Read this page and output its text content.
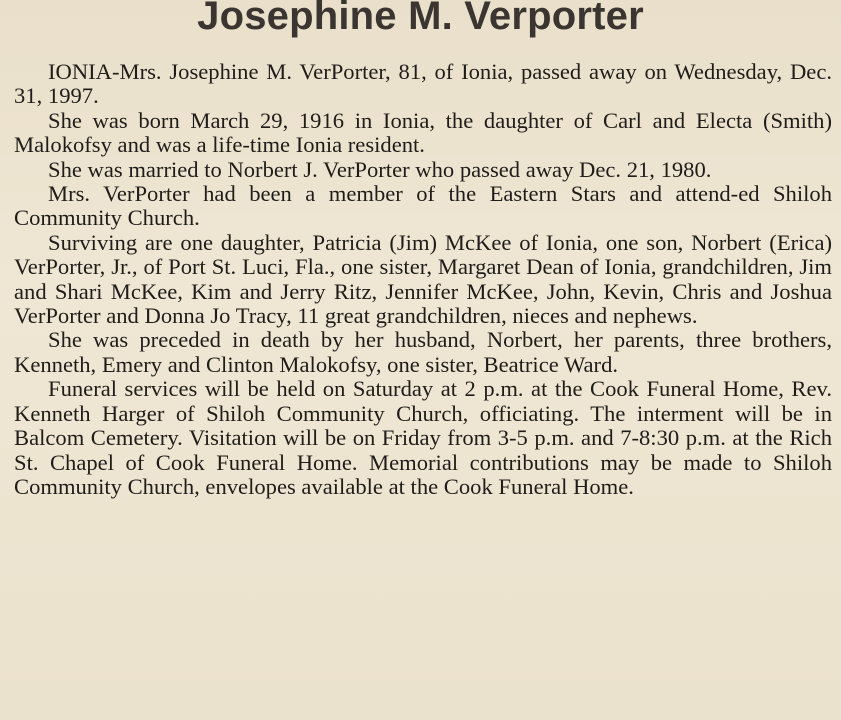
Josephine M. Verporter

IONIA-Mrs. Josephine M. VerPorter, 81, of Ionia, passed away on Wednesday, Dec. 31, 1997.

She was born March 29, 1916 in Ionia, the daughter of Carl and Electa (Smith) Malokofsy and was a life-time Ionia resident.

She was married to Norbert J. VerPorter who passed away Dec. 21, 1980.

Mrs. VerPorter had been a member of the Eastern Stars and attend-ed Shiloh Community Church.

Surviving are one daughter, Patricia (Jim) McKee of Ionia, one son, Norbert (Erica) VerPorter, Jr., of Port St. Luci, Fla., one sister, Margaret Dean of Ionia, grandchildren, Jim and Shari McKee, Kim and Jerry Ritz, Jennifer McKee, John, Kevin, Chris and Joshua VerPorter and Donna Jo Tracy, 11 great grandchildren, nieces and nephews.

She was preceded in death by her husband, Norbert, her parents, three brothers, Kenneth, Emery and Clinton Malokofsy, one sister, Beatrice Ward.

Funeral services will be held on Saturday at 2 p.m. at the Cook Funeral Home, Rev. Kenneth Harger of Shiloh Community Church, officiating. The interment will be in Balcom Cemetery. Visitation will be on Friday from 3-5 p.m. and 7-8:30 p.m. at the Rich St. Chapel of Cook Funeral Home. Memorial contributions may be made to Shiloh Community Church, envelopes available at the Cook Funeral Home.
